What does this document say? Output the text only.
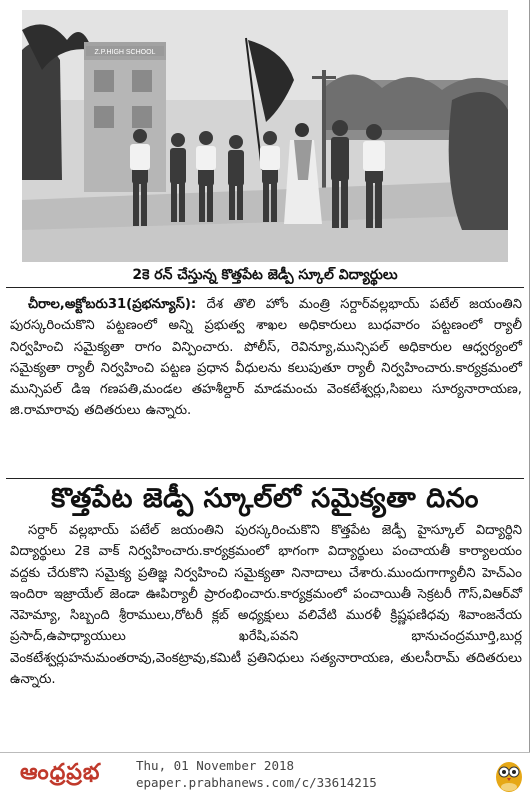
Z.P.HIGH SCHOOL
2కె రన్ చేస్తున్న కొత్తపేట జెడ్పీ స్కూల్ విద్యార్థులు

చీరాల,అక్టోబరు31(ప్రభన్యూస్): దేశ తొలి హోం మంత్రి సర్దార్‌వల్లభాయ్ పటేల్ జయంతిని పురస్కరించుకొని పట్టణంలో అన్ని ప్రభుత్వ శాఖల అధికారులు బుధవారం పట్టణంలో ర్యాలీ నిర్వహించి సమైక్యతా రాగం విన్పించారు. పోలీస్, రెవిన్యూ,మున్సిపల్ అధికారుల ఆధ్వర్యంలో సమైక్యతా ర్యాలీ నిర్వహించి పట్టణ ప్రధాన వీధులను కలుపుతూ ర్యాలీ నిర్వహించారు.కార్యక్రమంలో మున్సిపల్ డిఇ గణపతి,మండల తహశీల్దార్ మాడమంచు వెంకటేశ్వర్లు,సిఐలు సూర్యనారాయణ, జి.రామారావు తదితరులు ఉన్నారు.

కొత్తపేట జెడ్పీ స్కూల్‌లో సమైక్యతా దినం

సర్దార్ వల్లభాయ్ పటేల్ జయంతిని పురస్కరించుకొని కొత్తపేట జెడ్పీ హైస్కూల్ విద్యార్థిని విద్యార్థులు 2కె వాక్ నిర్వహించారు.కార్యక్రమంలో భాగంగా విద్యార్థులు పంచాయతీ కార్యాలయం వద్దకు చేరుకొని సమైక్య ప్రతిజ్ఞ నిర్వహించి సమైక్యతా నినాదాలు చేశారు.ముందుగాగ్యాలీని హెచ్‌ఎం ఇందిరా ఇజ్రాయేల్ జెండా ఊపిర్యాలీ ప్రారంభించారు.కార్యక్రమంలో పంచాయితీ సెక్రటరీ గౌస్,విఆర్‌వో నెహెమ్యా, సిబ్బంది శ్రీరాములు,రోటరీ క్లబ్ అధ్యక్షులు వలివేటి మురళీ క్రిష్ణఫణిధవు శివాంజనేయ ప్రసాద్,ఉపాధ్యాయులు ఖరేషి,పవని భానుచంద్రమూర్తి,బుర్ల వెంకటేశ్వర్లుహనుమంతరావు,వెంకట్రావు,కమిటీ ప్రతినిధులు సత్యనారాయణ, తులసీరామ్ తదితరులు ఉన్నారు.

ఆంధ్రప్రభ	Thu, 01 November 2018
epaper.prabhanews.com/c/33614215
